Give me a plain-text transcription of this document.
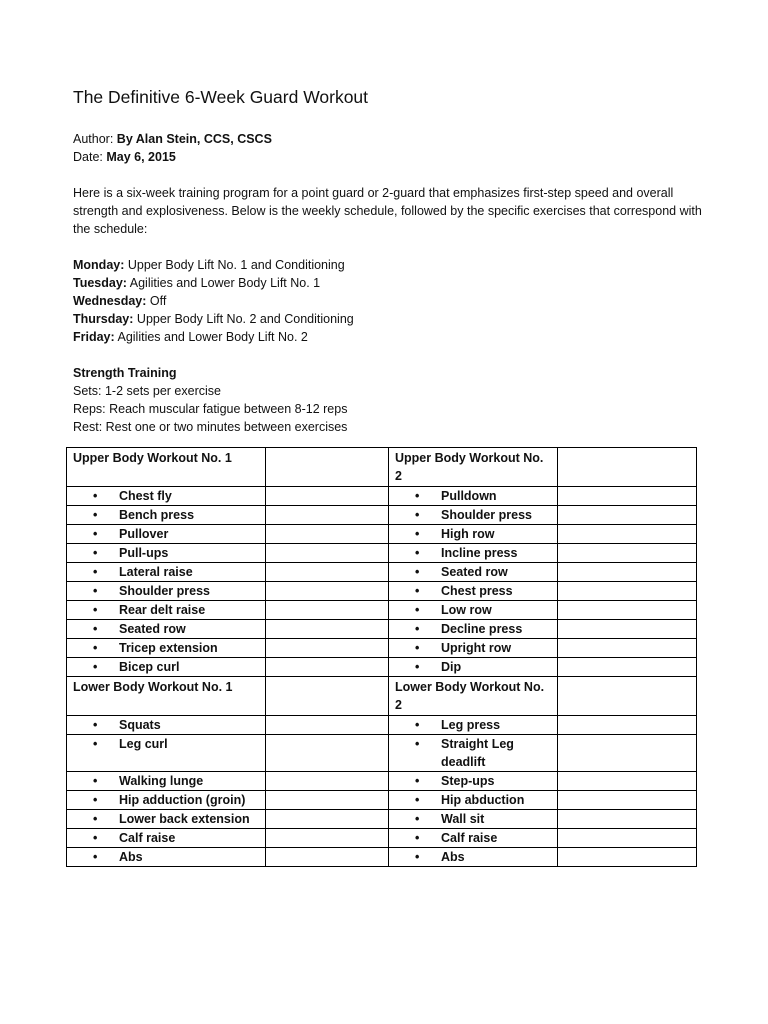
The Definitive 6-Week Guard Workout

Author: By Alan Stein, CCS, CSCS

Date: May 6, 2015

Here is a six-week training program for a point guard or 2-guard that emphasizes first-step speed and overall strength and explosiveness. Below is the weekly schedule, followed by the specific exercises that correspond with the schedule:

Monday: Upper Body Lift No. 1 and Conditioning

Tuesday: Agilities and Lower Body Lift No. 1

Wednesday: Off

Thursday: Upper Body Lift No. 2 and Conditioning

Friday: Agilities and Lower Body Lift No. 2

Strength Training

Sets: 1-2 sets per exercise

Reps: Reach muscular fatigue between 8-12 reps

Rest: Rest one or two minutes between exercises

Upper Body Workout No. 1		Upper Body Workout No. 2	

• Chest fly		• Pulldown	

• Bench press		• Shoulder press	

• Pullover		• High row	

• Pull-ups		• Incline press	

• Lateral raise		• Seated row	

• Shoulder press		• Chest press	

• Rear delt raise		• Low row	

• Seated row		• Decline press	

• Tricep extension		• Upright row	

• Bicep curl		• Dip	

Lower Body Workout No. 1		Lower Body Workout No. 2	

• Squats		• Leg press	

• Leg curl		• Straight Leg deadlift	

• Walking lunge		• Step-ups	

• Hip adduction (groin)		• Hip abduction	

• Lower back extension		• Wall sit	

• Calf raise		• Calf raise	

• Abs		• Abs	
